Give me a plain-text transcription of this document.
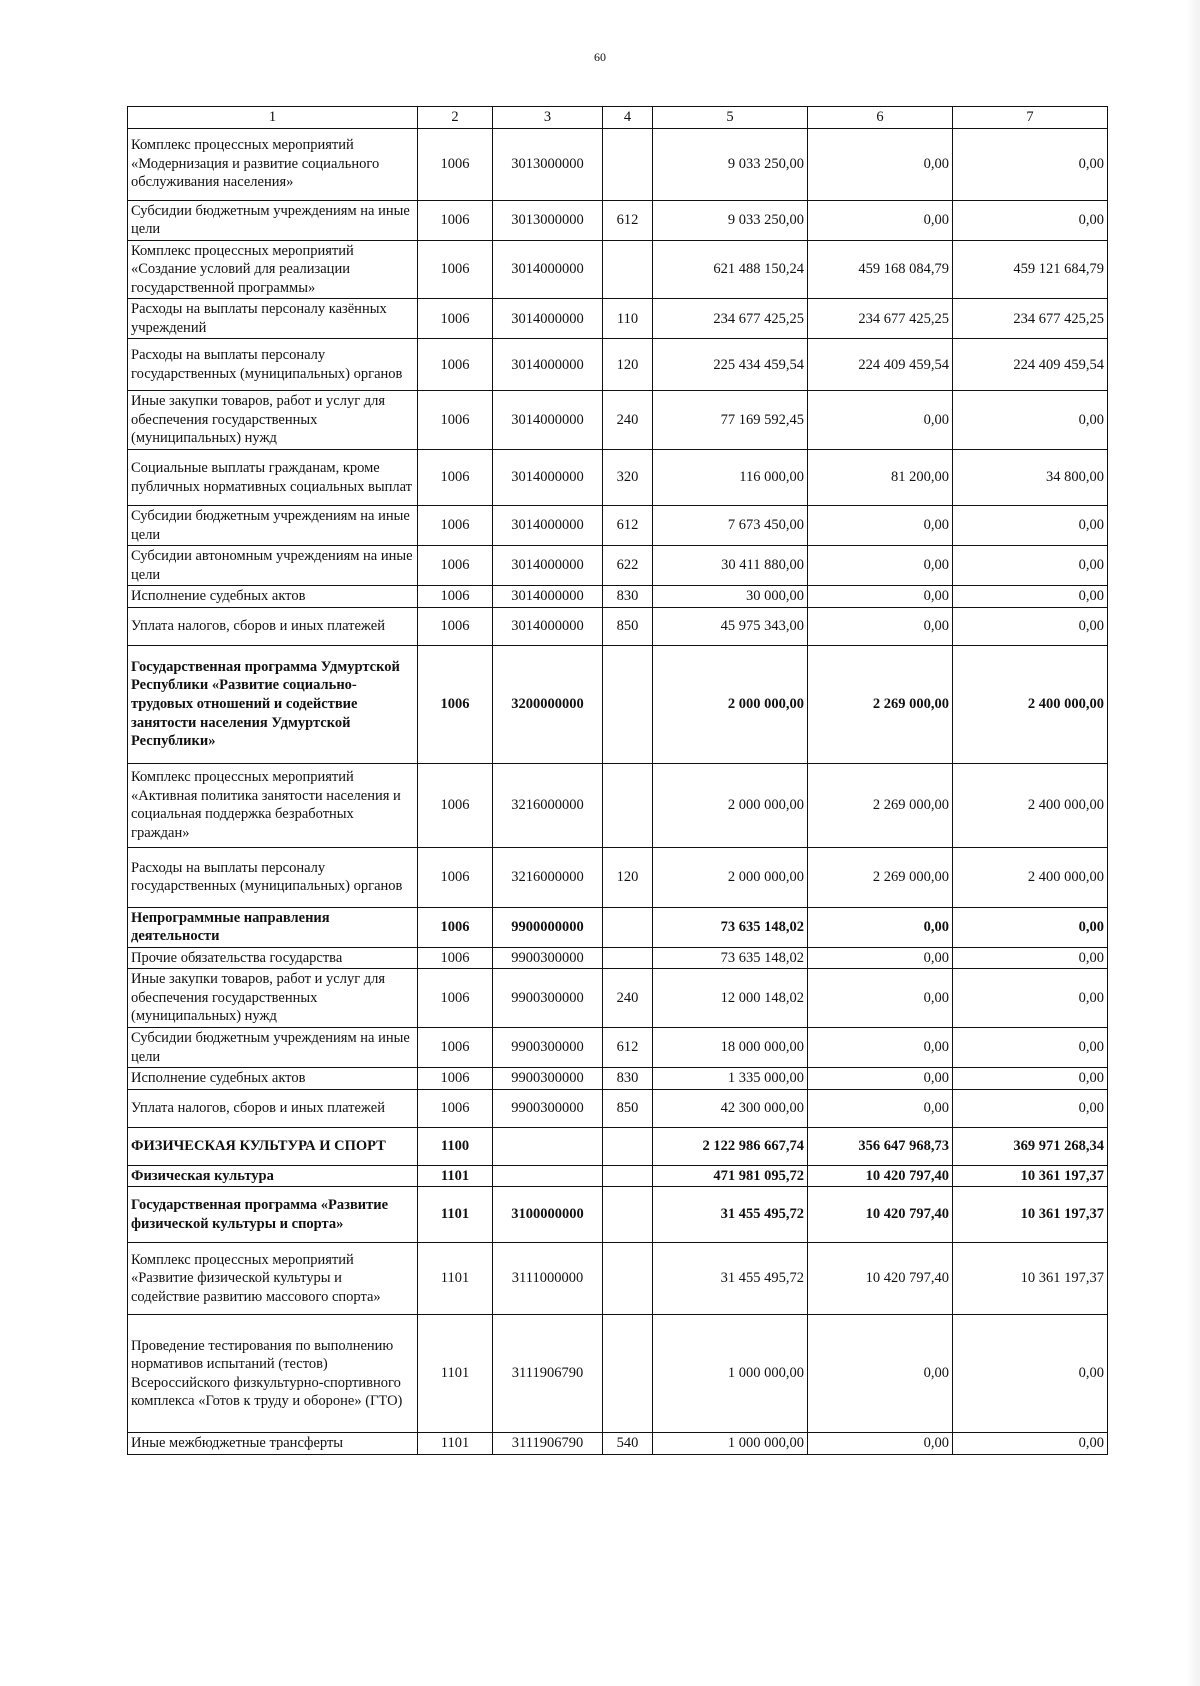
60
1	2	3	4	5	6	7
Комплекс процессных мероприятий «Модернизация и развитие социального обслуживания населения»	1006	3013000000		9 033 250,00	0,00	0,00
Субсидии бюджетным учреждениям на иные цели	1006	3013000000	612	9 033 250,00	0,00	0,00
Комплекс процессных мероприятий «Создание условий для реализации государственной программы»	1006	3014000000		621 488 150,24	459 168 084,79	459 121 684,79
Расходы на выплаты персоналу казённых учреждений	1006	3014000000	110	234 677 425,25	234 677 425,25	234 677 425,25
Расходы на выплаты персоналу государственных (муниципальных) органов	1006	3014000000	120	225 434 459,54	224 409 459,54	224 409 459,54
Иные закупки товаров, работ и услуг для обеспечения государственных (муниципальных) нужд	1006	3014000000	240	77 169 592,45	0,00	0,00
Социальные выплаты гражданам, кроме публичных нормативных социальных выплат	1006	3014000000	320	116 000,00	81 200,00	34 800,00
Субсидии бюджетным учреждениям на иные цели	1006	3014000000	612	7 673 450,00	0,00	0,00
Субсидии автономным учреждениям на иные цели	1006	3014000000	622	30 411 880,00	0,00	0,00
Исполнение судебных актов	1006	3014000000	830	30 000,00	0,00	0,00
Уплата налогов, сборов и иных платежей	1006	3014000000	850	45 975 343,00	0,00	0,00
Государственная программа Удмуртской Республики «Развитие социально-трудовых отношений и содействие занятости населения Удмуртской Республики»	1006	3200000000		2 000 000,00	2 269 000,00	2 400 000,00
Комплекс процессных мероприятий «Активная политика занятости населения и социальная поддержка безработных граждан»	1006	3216000000		2 000 000,00	2 269 000,00	2 400 000,00
Расходы на выплаты персоналу государственных (муниципальных) органов	1006	3216000000	120	2 000 000,00	2 269 000,00	2 400 000,00
Непрограммные направления деятельности	1006	9900000000		73 635 148,02	0,00	0,00
Прочие обязательства государства	1006	9900300000		73 635 148,02	0,00	0,00
Иные закупки товаров, работ и услуг для обеспечения государственных (муниципальных) нужд	1006	9900300000	240	12 000 148,02	0,00	0,00
Субсидии бюджетным учреждениям на иные цели	1006	9900300000	612	18 000 000,00	0,00	0,00
Исполнение судебных актов	1006	9900300000	830	1 335 000,00	0,00	0,00
Уплата налогов, сборов и иных платежей	1006	9900300000	850	42 300 000,00	0,00	0,00
ФИЗИЧЕСКАЯ КУЛЬТУРА И СПОРТ	1100			2 122 986 667,74	356 647 968,73	369 971 268,34
Физическая культура	1101			471 981 095,72	10 420 797,40	10 361 197,37
Государственная программа «Развитие физической культуры и спорта»	1101	3100000000		31 455 495,72	10 420 797,40	10 361 197,37
Комплекс процессных мероприятий «Развитие физической культуры и содействие развитию массового спорта»	1101	3111000000		31 455 495,72	10 420 797,40	10 361 197,37
Проведение тестирования по выполнению нормативов испытаний (тестов) Всероссийского физкультурно-спортивного комплекса «Готов к труду и обороне» (ГТО)	1101	3111906790		1 000 000,00	0,00	0,00
Иные межбюджетные трансферты	1101	3111906790	540	1 000 000,00	0,00	0,00
